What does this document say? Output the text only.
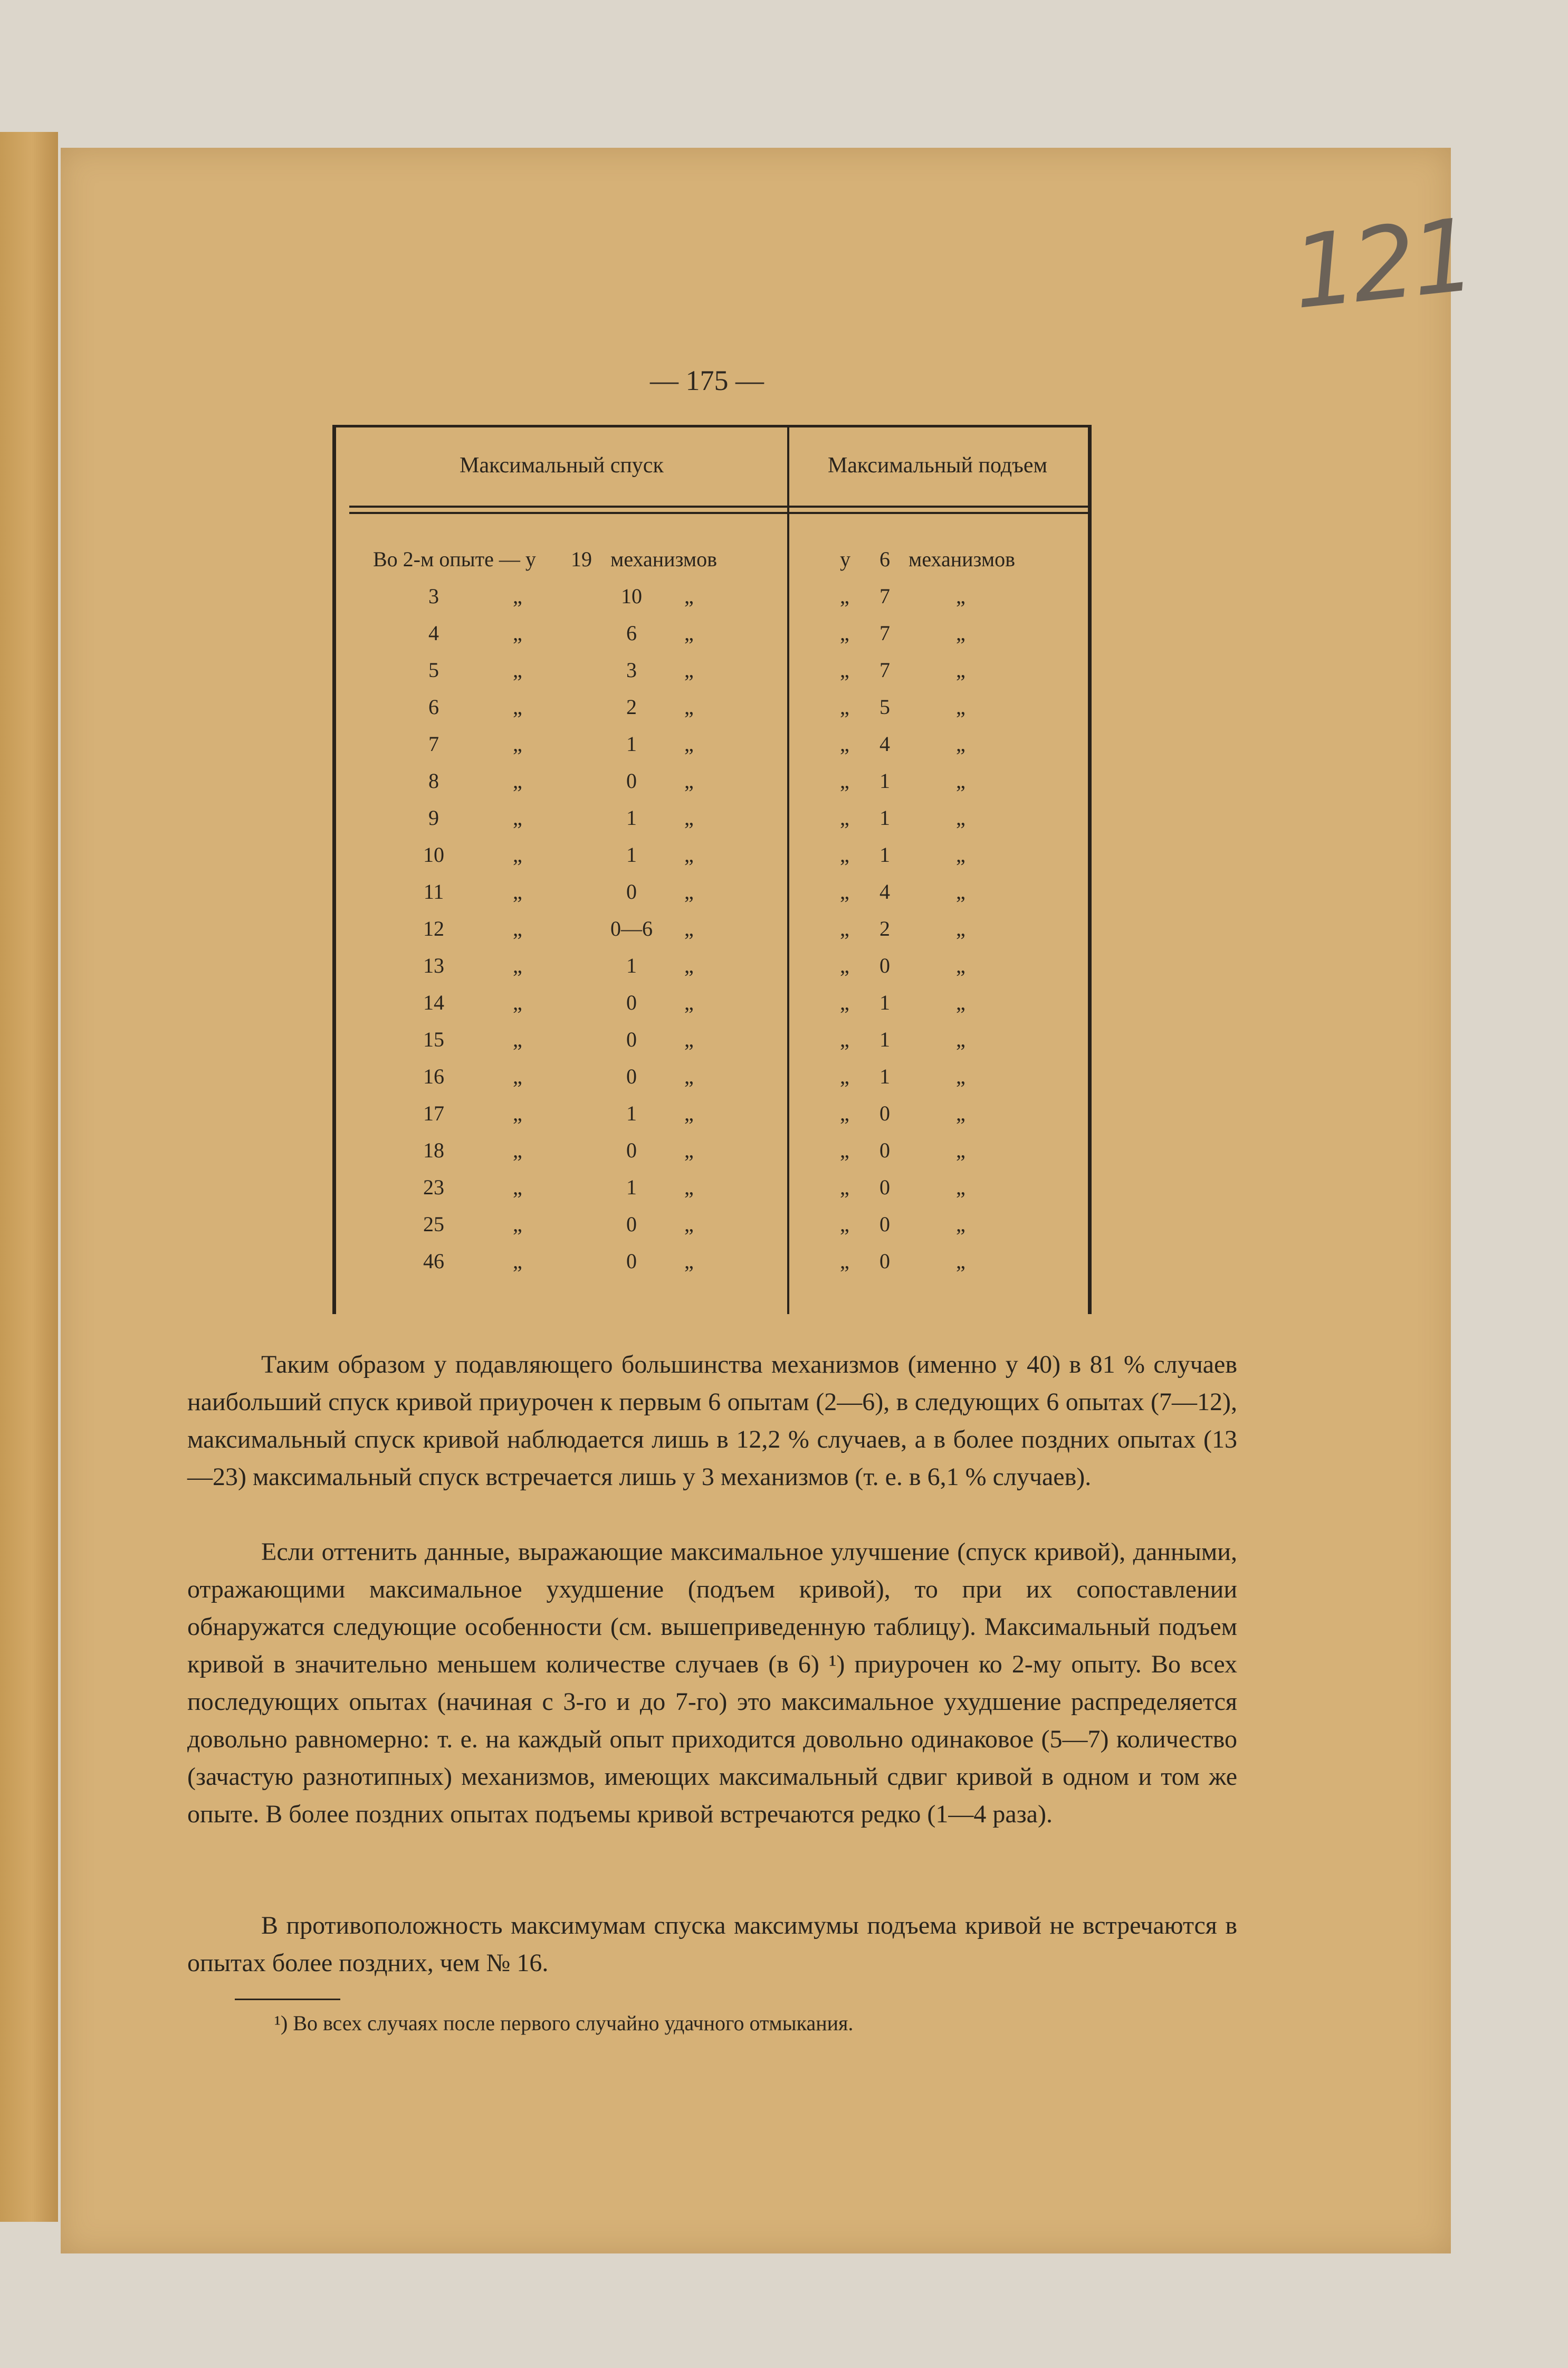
121
— 175 —
Максимальный спуск	Максимальный подъем
Во 2-м опыте — у 19 механизмов	у	6 механизмов
3	„	10	„	„	7	„
4	„	6	„	„	7	„
5	„	3	„	„	7	„
6	„	2	„	„	5	„
7	„	1	„	„	4	„
8	„	0	„	„	1	„
9	„	1	„	„	1	„
10	„	1	„	„	1	„
11	„	0	„	„	4	„
12	„	0—6	„	„	2	„
13	„	1	„	„	0	„
14	„	0	„	„	1	„
15	„	0	„	„	1	„
16	„	0	„	„	1	„
17	„	1	„	„	0	„
18	„	0	„	„	0	„
23	„	1	„	„	0	„
25	„	0	„	„	0	„
46	„	0	„	„	0	„
Таким образом у подавляющего большинства механизмов (именно у 40) в 81 % случаев наибольший спуск кривой приурочен к первым 6 опытам (2—6), в следующих 6 опытах (7—12), максимальный спуск кривой наблюдается лишь в 12,2 % случаев, а в более поздних опытах (13—23) максимальный спуск встречается лишь у 3 механизмов (т. е. в 6,1 % случаев).
Если оттенить данные, выражающие максимальное улучшение (спуск кривой), данными, отражающими максимальное ухудшение (подъем кривой), то при их сопоставлении обнаружатся следующие особенности (см. вышеприведенную таблицу). Максимальный подъем кривой в значительно меньшем количестве случаев (в 6) ¹) приурочен ко 2-му опыту. Во всех последующих опытах (начиная с 3-го и до 7-го) это максимальное ухудшение распределяется довольно равномерно: т. е. на каждый опыт приходится довольно одинаковое (5—7) количество (зачастую разнотипных) механизмов, имеющих максимальный сдвиг кривой в одном и том же опыте. В более поздних опытах подъемы кривой встречаются редко (1—4 раза).
В противоположность максимумам спуска максимумы подъема кривой не встречаются в опытах более поздних, чем № 16.
¹) Во всех случаях после первого случайно удачного отмыкания.
